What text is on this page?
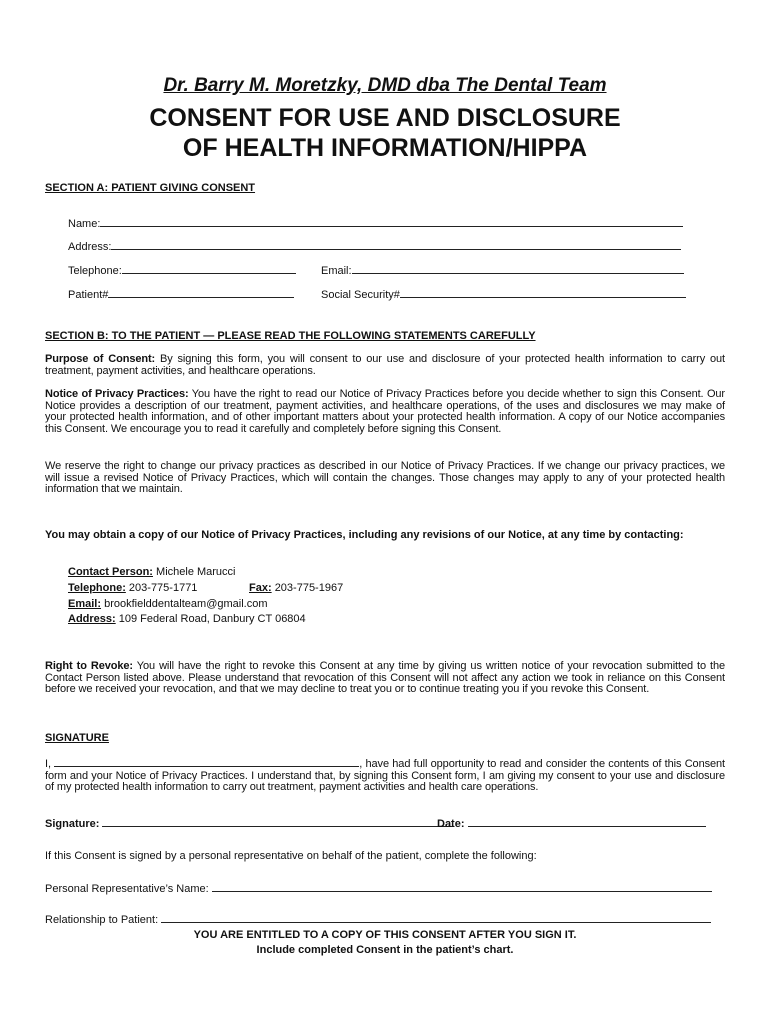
Dr. Barry M. Moretzky, DMD dba The Dental Team
CONSENT FOR USE AND DISCLOSURE
OF HEALTH INFORMATION/HIPPA
SECTION A: PATIENT GIVING CONSENT
Name:
Address:
Telephone:	Email:
Patient#	Social Security#
SECTION B: TO THE PATIENT — PLEASE READ THE FOLLOWING STATEMENTS CAREFULLY
Purpose of Consent: By signing this form, you will consent to our use and disclosure of your protected health information to carry out treatment, payment activities, and healthcare operations.
Notice of Privacy Practices: You have the right to read our Notice of Privacy Practices before you decide whether to sign this Consent. Our Notice provides a description of our treatment, payment activities, and healthcare operations, of the uses and disclosures we may make of your protected health information, and of other important matters about your protected health information. A copy of our Notice accompanies this Consent. We encourage you to read it carefully and completely before signing this Consent.
We reserve the right to change our privacy practices as described in our Notice of Privacy Practices. If we change our privacy practices, we will issue a revised Notice of Privacy Practices, which will contain the changes. Those changes may apply to any of your protected health information that we maintain.
You may obtain a copy of our Notice of Privacy Practices, including any revisions of our Notice, at any time by contacting:
Contact Person: Michele Marucci
Telephone: 203-775-1771	Fax: 203-775-1967
Email: brookfielddentalteam@gmail.com
Address: 109 Federal Road, Danbury CT 06804
Right to Revoke: You will have the right to revoke this Consent at any time by giving us written notice of your revocation submitted to the Contact Person listed above. Please understand that revocation of this Consent will not affect any action we took in reliance on this Consent before we received your revocation, and that we may decline to treat you or to continue treating you if you revoke this Consent.
SIGNATURE
I,	, have had full opportunity to read and consider the contents of this Consent form and your Notice of Privacy Practices. I understand that, by signing this Consent form, I am giving my consent to your use and disclosure of my protected health information to carry out treatment, payment activities and health care operations.
Signature:	Date:
If this Consent is signed by a personal representative on behalf of the patient, complete the following:
Personal Representative’s Name:
Relationship to Patient:
YOU ARE ENTITLED TO A COPY OF THIS CONSENT AFTER YOU SIGN IT.
Include completed Consent in the patient’s chart.
